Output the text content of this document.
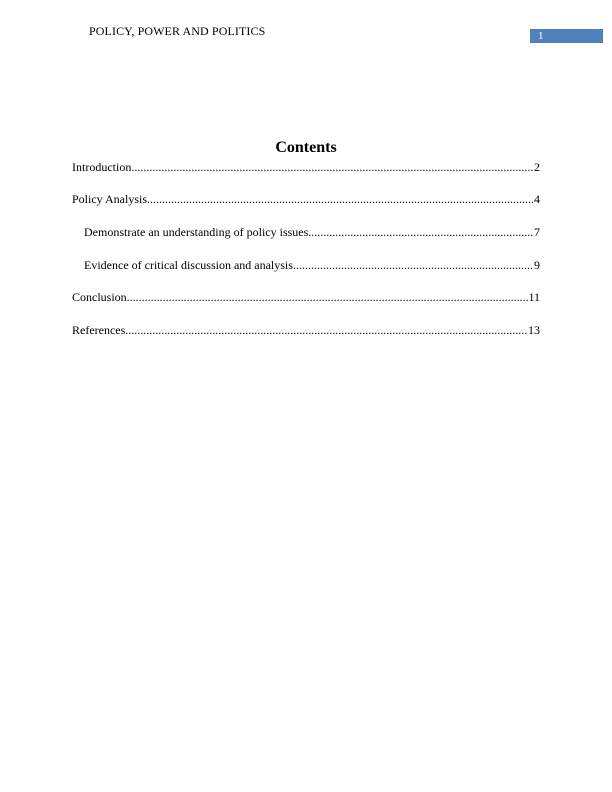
POLICY, POWER AND POLITICS	1
Contents
Introduction .....	2
Policy Analysis .....	4
Demonstrate an understanding of policy issues .....	7
Evidence of critical discussion and analysis .....	9
Conclusion .....	11
References .....	13
